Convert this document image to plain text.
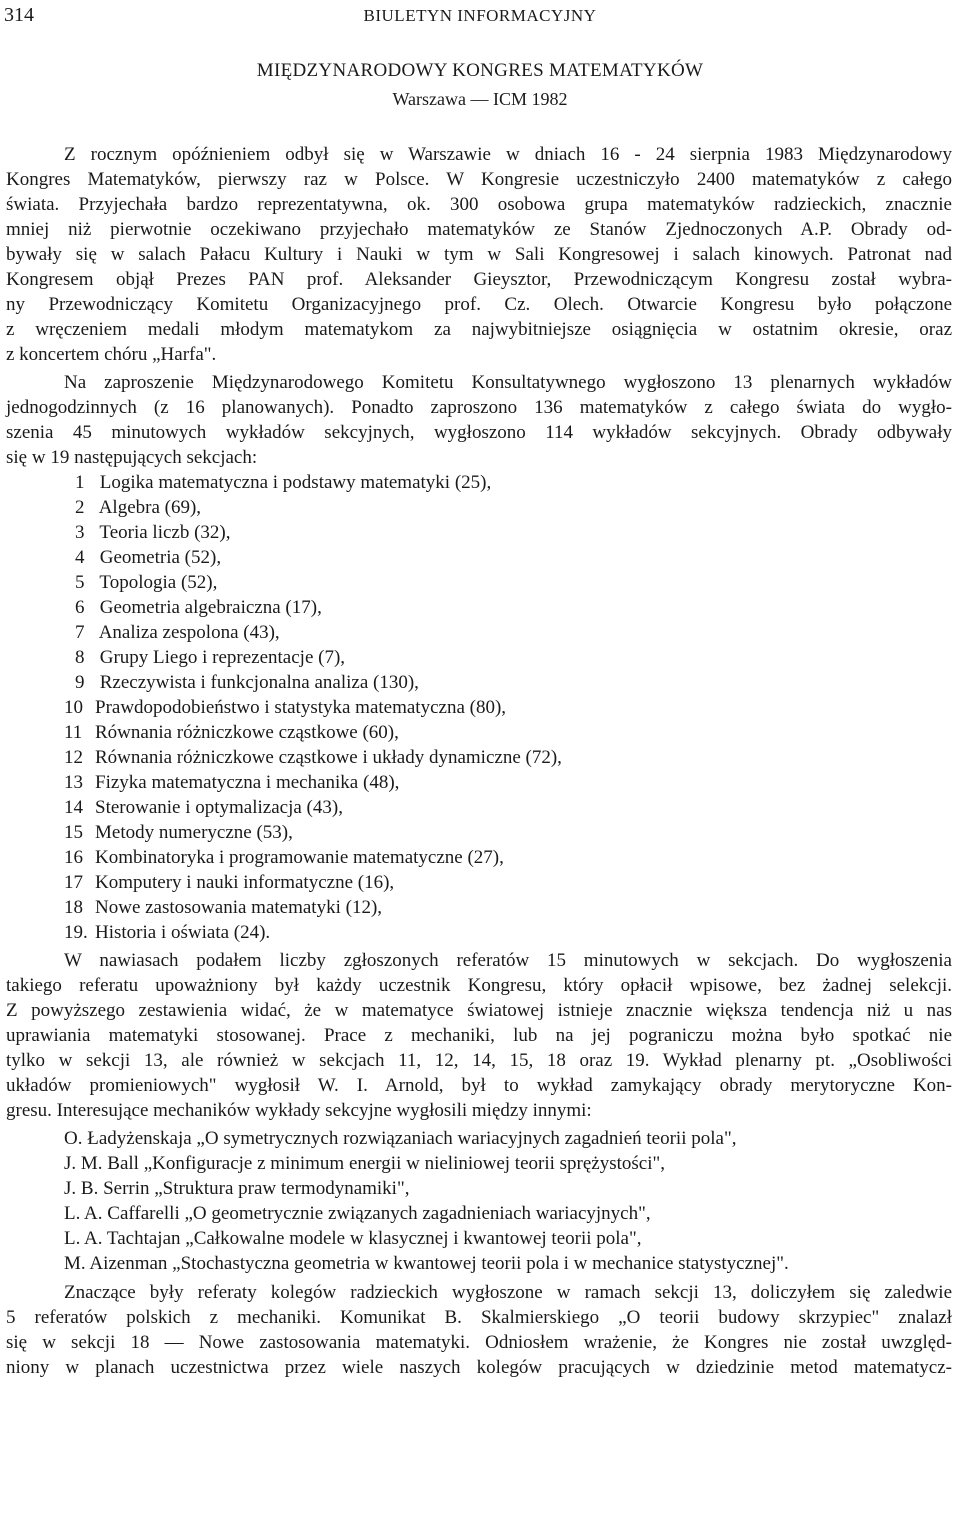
314	BIULETYN INFORMACYJNY
MIĘDZYNARODOWY KONGRES MATEMATYKÓW
Warszawa — ICM 1982
Z rocznym opóźnieniem odbył się w Warszawie w dniach 16 - 24 sierpnia 1983 Międzynarodowy
Kongres Matematyków, pierwszy raz w Polsce. W Kongresie uczestniczyło 2400 matematyków z całego
świata. Przyjechała bardzo reprezentatywna, ok. 300 osobowa grupa matematyków radzieckich, znacznie
mniej niż pierwotnie oczekiwano przyjechało matematyków ze Stanów Zjednoczonych A.P. Obrady od-
bywały się w salach Pałacu Kultury i Nauki w tym w Sali Kongresowej i salach kinowych. Patronat nad
Kongresem objął Prezes PAN prof. Aleksander Gieysztor, Przewodniczącym Kongresu został wybra-
ny Przewodniczący Komitetu Organizacyjnego prof. Cz. Olech. Otwarcie Kongresu było połączone
z wręczeniem medali młodym matematykom za najwybitniejsze osiągnięcia w ostatnim okresie, oraz
z koncertem chóru „Harfa".
Na zaproszenie Międzynarodowego Komitetu Konsultatywnego wygłoszono 13 plenarnych wykładów
jednogodzinnych (z 16 planowanych). Ponadto zaproszono 136 matematyków z całego świata do wygło-
szenia 45 minutowych wykładów sekcyjnych, wygłoszono 114 wykładów sekcyjnych. Obrady odbywały
się w 19 następujących sekcjach:
1 Logika matematyczna i podstawy matematyki (25),
2 Algebra (69),
3 Teoria liczb (32),
4 Geometria (52),
5 Topologia (52),
6 Geometria algebraiczna (17),
7 Analiza zespolona (43),
8 Grupy Liego i reprezentacje (7),
9 Rzeczywista i funkcjonalna analiza (130),
10 Prawdopodobieństwo i statystyka matematyczna (80),
11 Równania różniczkowe cząstkowe (60),
12 Równania różniczkowe cząstkowe i układy dynamiczne (72),
13 Fizyka matematyczna i mechanika (48),
14 Sterowanie i optymalizacja (43),
15 Metody numeryczne (53),
16 Kombinatoryka i programowanie matematyczne (27),
17 Komputery i nauki informatyczne (16),
18 Nowe zastosowania matematyki (12),
19. Historia i oświata (24).
W nawiasach podałem liczby zgłoszonych referatów 15 minutowych w sekcjach. Do wygłoszenia
takiego referatu upoważniony był każdy uczestnik Kongresu, który opłacił wpisowe, bez żadnej selekcji.
Z powyższego zestawienia widać, że w matematyce światowej istnieje znacznie większa tendencja niż u nas
uprawiania matematyki stosowanej. Prace z mechaniki, lub na jej pograniczu można było spotkać nie
tylko w sekcji 13, ale również w sekcjach 11, 12, 14, 15, 18 oraz 19. Wykład plenarny pt. „Osobliwości
układów promieniowych" wygłosił W. I. Arnold, był to wykład zamykający obrady merytoryczne Kon-
gresu. Interesujące mechaników wykłady sekcyjne wygłosili między innymi:
O. Ładyżenskaja „O symetrycznych rozwiązaniach wariacyjnych zagadnień teorii pola",
J. M. Ball „Konfiguracje z minimum energii w nieliniowej teorii sprężystości",
J. B. Serrin „Struktura praw termodynamiki",
L. A. Caffarelli „O geometrycznie związanych zagadnieniach wariacyjnych",
L. A. Tachtajan „Całkowalne modele w klasycznej i kwantowej teorii pola",
M. Aizenman „Stochastyczna geometria w kwantowej teorii pola i w mechanice statystycznej".
Znaczące były referaty kolegów radzieckich wygłoszone w ramach sekcji 13, doliczyłem się zaledwie
5 referatów polskich z mechaniki. Komunikat B. Skalmierskiego „O teorii budowy skrzypiec" znalazł
się w sekcji 18 — Nowe zastosowania matematyki. Odniosłem wrażenie, że Kongres nie został uwzględ-
niony w planach uczestnictwa przez wiele naszych kolegów pracujących w dziedzinie metod matematycz-
